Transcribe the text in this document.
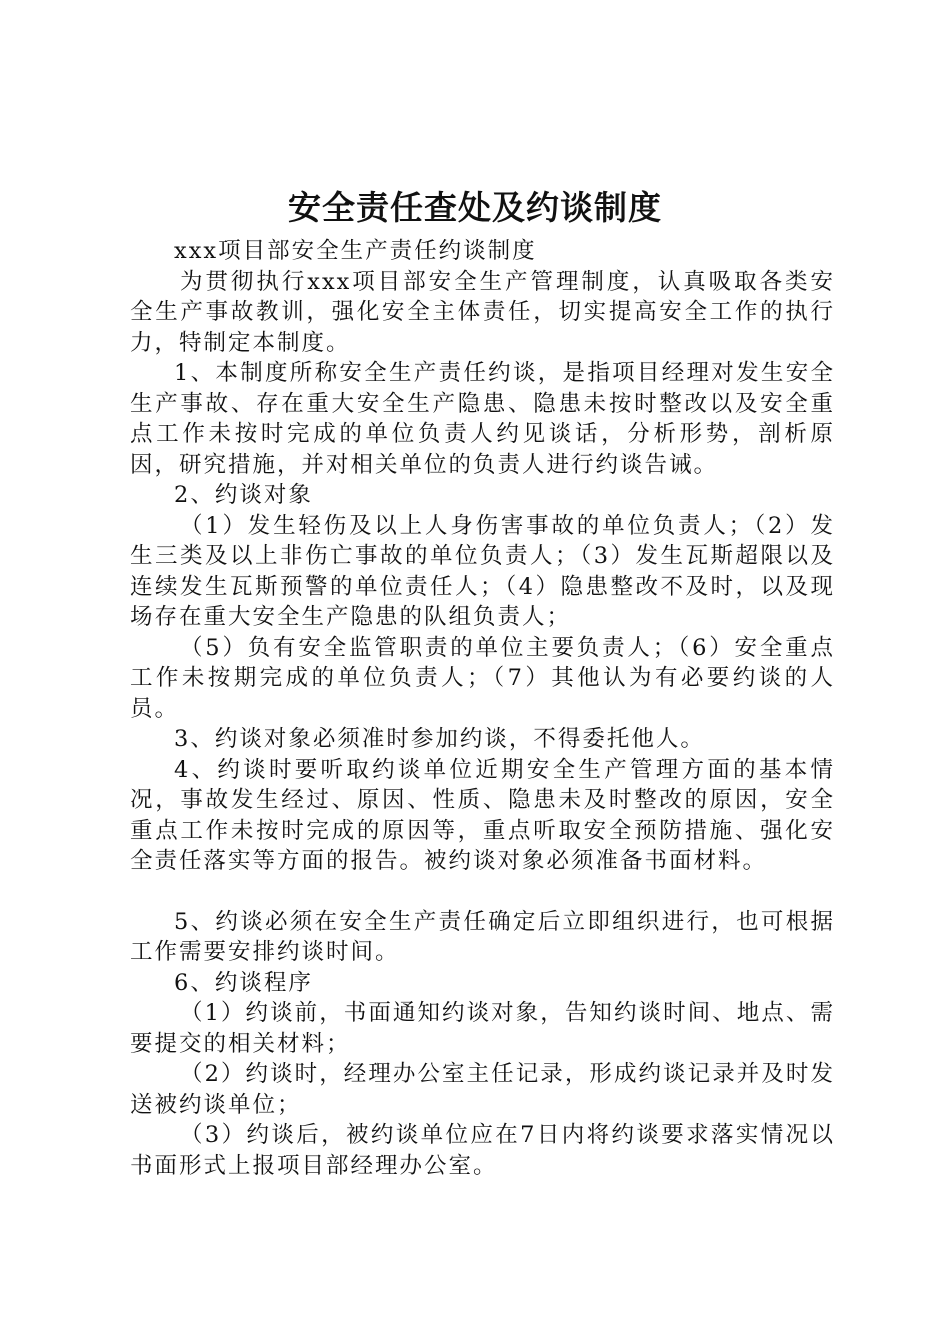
安全责任查处及约谈制度

xxx项目部安全生产责任约谈制度

为贯彻执行xxx项目部安全生产管理制度，认真吸取各类安全生产事故教训，强化安全主体责任，切实提高安全工作的执行力，特制定本制度。

1、本制度所称安全生产责任约谈，是指项目经理对发生安全生产事故、存在重大安全生产隐患、隐患未按时整改以及安全重点工作未按时完成的单位负责人约见谈话，分析形势，剖析原因，研究措施，并对相关单位的负责人进行约谈告诫。

2、约谈对象

（1）发生轻伤及以上人身伤害事故的单位负责人；（2）发生三类及以上非伤亡事故的单位负责人；（3）发生瓦斯超限以及连续发生瓦斯预警的单位责任人；（4）隐患整改不及时，以及现场存在重大安全生产隐患的队组负责人；

（5）负有安全监管职责的单位主要负责人；（6）安全重点工作未按期完成的单位负责人；（7）其他认为有必要约谈的人员。

3、约谈对象必须准时参加约谈，不得委托他人。

4、约谈时要听取约谈单位近期安全生产管理方面的基本情况，事故发生经过、原因、性质、隐患未及时整改的原因，安全重点工作未按时完成的原因等，重点听取安全预防措施、强化安全责任落实等方面的报告。被约谈对象必须准备书面材料。

5、约谈必须在安全生产责任确定后立即组织进行，也可根据工作需要安排约谈时间。

6、约谈程序

（1）约谈前，书面通知约谈对象，告知约谈时间、地点、需要提交的相关材料；

（2）约谈时，经理办公室主任记录，形成约谈记录并及时发送被约谈单位；

（3）约谈后，被约谈单位应在7日内将约谈要求落实情况以书面形式上报项目部经理办公室。
